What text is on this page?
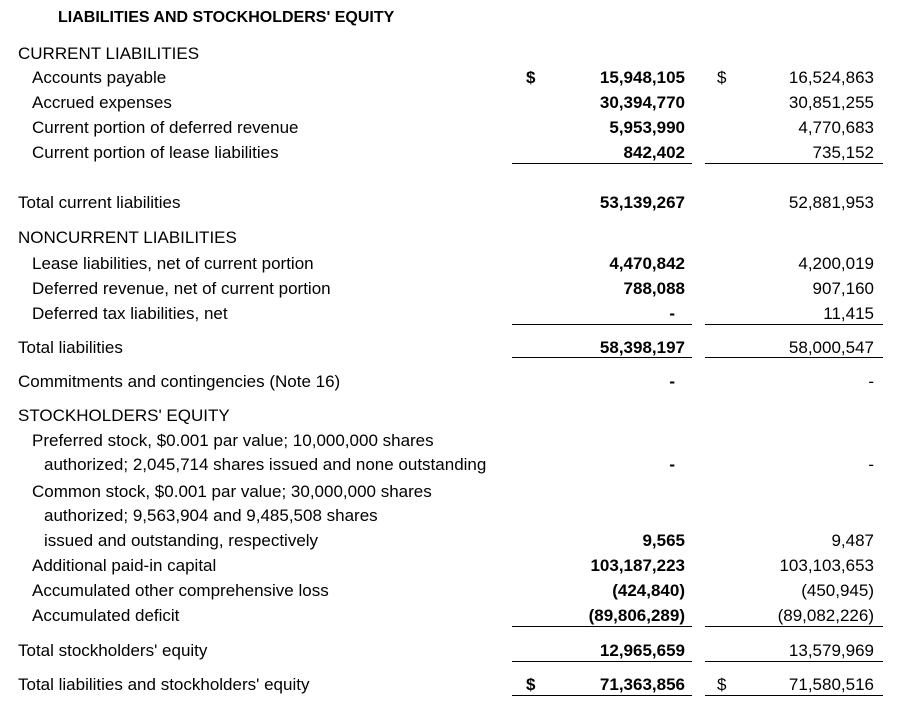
LIABILITIES AND STOCKHOLDERS' EQUITY
CURRENT LIABILITIES
Accounts payable	$	15,948,105 $	16,524,863
Accrued expenses	30,394,770	30,851,255
Current portion of deferred revenue	5,953,990	4,770,683
Current portion of lease liabilities	842,402	735,152
Total current liabilities	53,139,267	52,881,953
NONCURRENT LIABILITIES
Lease liabilities, net of current portion	4,470,842	4,200,019
Deferred revenue, net of current portion	788,088	907,160
Deferred tax liabilities, net	-	11,415
Total liabilities	58,398,197	58,000,547
Commitments and contingencies (Note 16)	-	-
STOCKHOLDERS' EQUITY
Preferred stock, $0.001 par value; 10,000,000 shares
authorized; 2,045,714 shares issued and none outstanding	-	-
Common stock, $0.001 par value; 30,000,000 shares
authorized; 9,563,904 and 9,485,508 shares
issued and outstanding, respectively	9,565	9,487
Additional paid-in capital	103,187,223	103,103,653
Accumulated other comprehensive loss	(424,840)	(450,945)
Accumulated deficit	(89,806,289)	(89,082,226)
Total stockholders' equity	12,965,659	13,579,969
Total liabilities and stockholders' equity	$	71,363,856 $	71,580,516
